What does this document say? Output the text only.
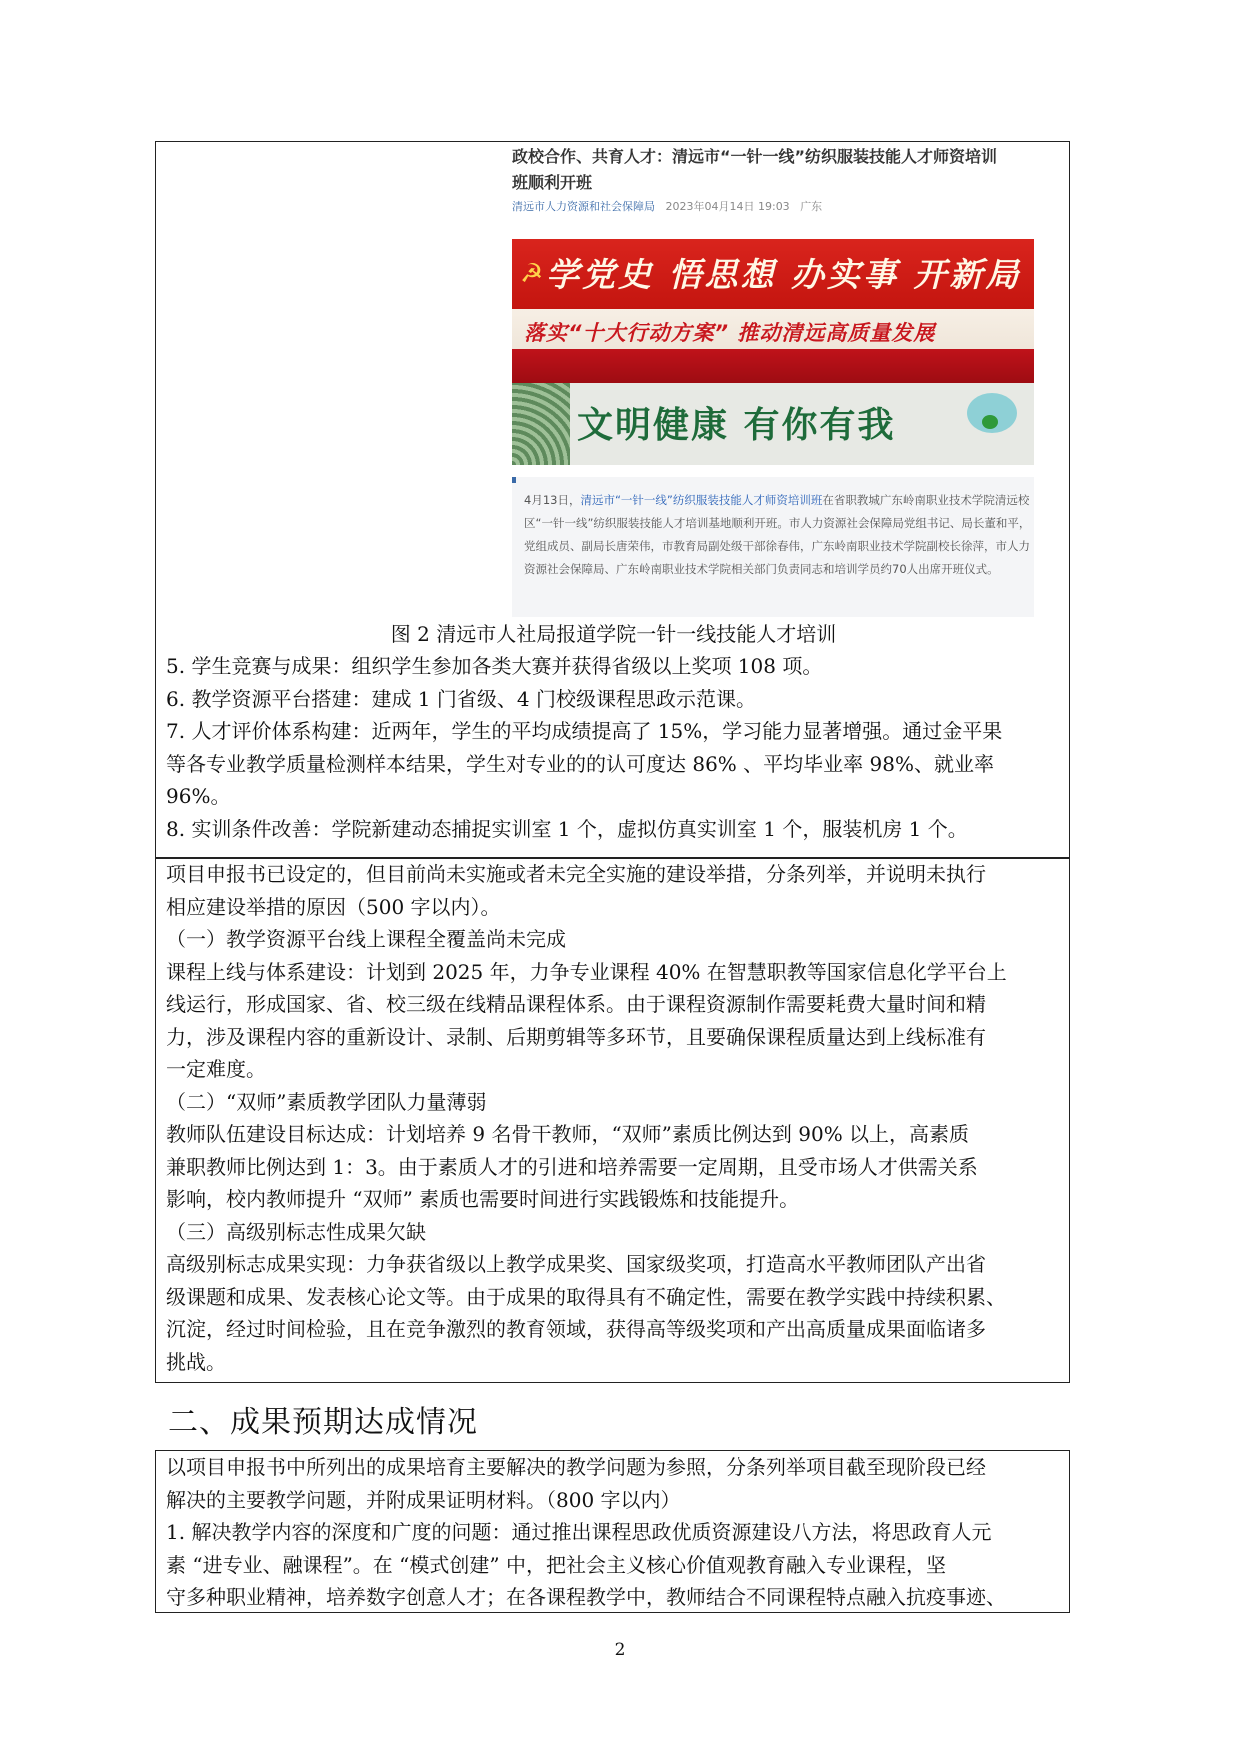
政校合作、共育人才：清远市“一针一线”纺织服装技能人才师资培训
班顺利开班
清远市人力资源和社会保障局 2023年04月14日 19:03 广东
☭ 学党史 悟思想 办实事 开新局
落实“十大行动方案” 推动清远高质量发展
文明健康 有你有我
4月13日，清远市“一针一线”纺织服装技能人才师资培训班在省职教城广东岭南职业技术学院清远校区“一针一线”纺织服装技能人才培训基地顺利开班。市人力资源社会保障局党组书记、局长董和平，党组成员、副局长唐荣伟，市教育局副处级干部徐春伟，广东岭南职业技术学院副校长徐萍，市人力资源社会保障局、广东岭南职业技术学院相关部门负责同志和培训学员约70人出席开班仪式。
图 2 清远市人社局报道学院一针一线技能人才培训
5. 学生竞赛与成果：组织学生参加各类大赛并获得省级以上奖项 108 项。
6. 教学资源平台搭建：建成 1 门省级、4 门校级课程思政示范课。
7. 人才评价体系构建：近两年，学生的平均成绩提高了 15%，学习能力显著增强。通过金平果
等各专业教学质量检测样本结果，学生对专业的的认可度达 86% 、平均毕业率 98%、就业率
96%。
8. 实训条件改善：学院新建动态捕捉实训室 1 个，虚拟仿真实训室 1 个，服装机房 1 个。
项目申报书已设定的，但目前尚未实施或者未完全实施的建设举措，分条列举，并说明未执行
相应建设举措的原因（500 字以内）。
（一）教学资源平台线上课程全覆盖尚未完成
课程上线与体系建设：计划到 2025 年，力争专业课程 40% 在智慧职教等国家信息化学平台上
线运行，形成国家、省、校三级在线精品课程体系。由于课程资源制作需要耗费大量时间和精
力，涉及课程内容的重新设计、录制、后期剪辑等多环节，且要确保课程质量达到上线标准有
一定难度。
（二）“双师”素质教学团队力量薄弱
教师队伍建设目标达成：计划培养 9 名骨干教师，“双师”素质比例达到 90% 以上，高素质
兼职教师比例达到 1：3。由于素质人才的引进和培养需要一定周期，且受市场人才供需关系
影响，校内教师提升 “双师” 素质也需要时间进行实践锻炼和技能提升。
（三）高级别标志性成果欠缺
高级别标志成果实现：力争获省级以上教学成果奖、国家级奖项，打造高水平教师团队产出省
级课题和成果、发表核心论文等。由于成果的取得具有不确定性，需要在教学实践中持续积累、
沉淀，经过时间检验，且在竞争激烈的教育领域，获得高等级奖项和产出高质量成果面临诸多
挑战。
二、成果预期达成情况
以项目申报书中所列出的成果培育主要解决的教学问题为参照，分条列举项目截至现阶段已经
解决的主要教学问题，并附成果证明材料。（800 字以内）
1. 解决教学内容的深度和广度的问题：通过推出课程思政优质资源建设八方法，将思政育人元
素 “进专业、融课程”。在 “模式创建” 中，把社会主义核心价值观教育融入专业课程，坚
守多种职业精神，培养数字创意人才；在各课程教学中，教师结合不同课程特点融入抗疫事迹、
2
